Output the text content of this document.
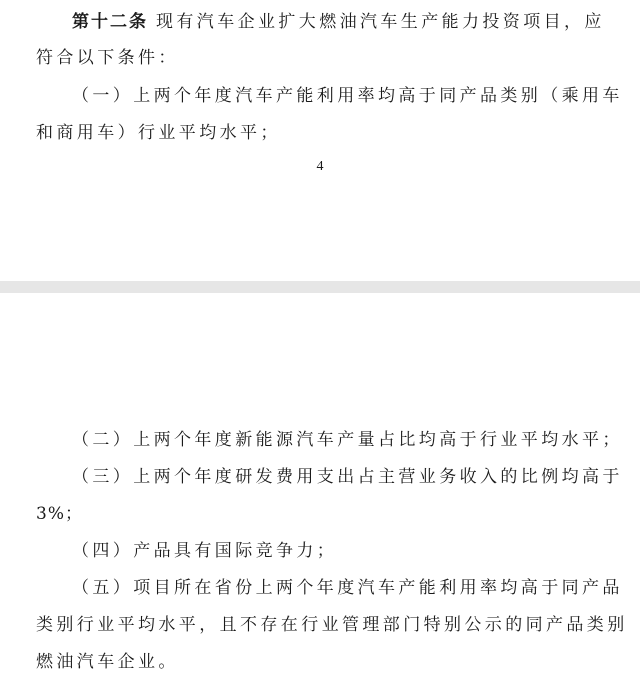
第十二条 现有汽车企业扩大燃油汽车生产能力投资项目，应
符合以下条件：
（一）上两个年度汽车产能利用率均高于同产品类别（乘用车
和商用车）行业平均水平；
4
（二）上两个年度新能源汽车产量占比均高于行业平均水平；
（三）上两个年度研发费用支出占主营业务收入的比例均高于
3%；
（四）产品具有国际竞争力；
（五）项目所在省份上两个年度汽车产能利用率均高于同产品
类别行业平均水平，且不存在行业管理部门特别公示的同产品类别
燃油汽车企业。
